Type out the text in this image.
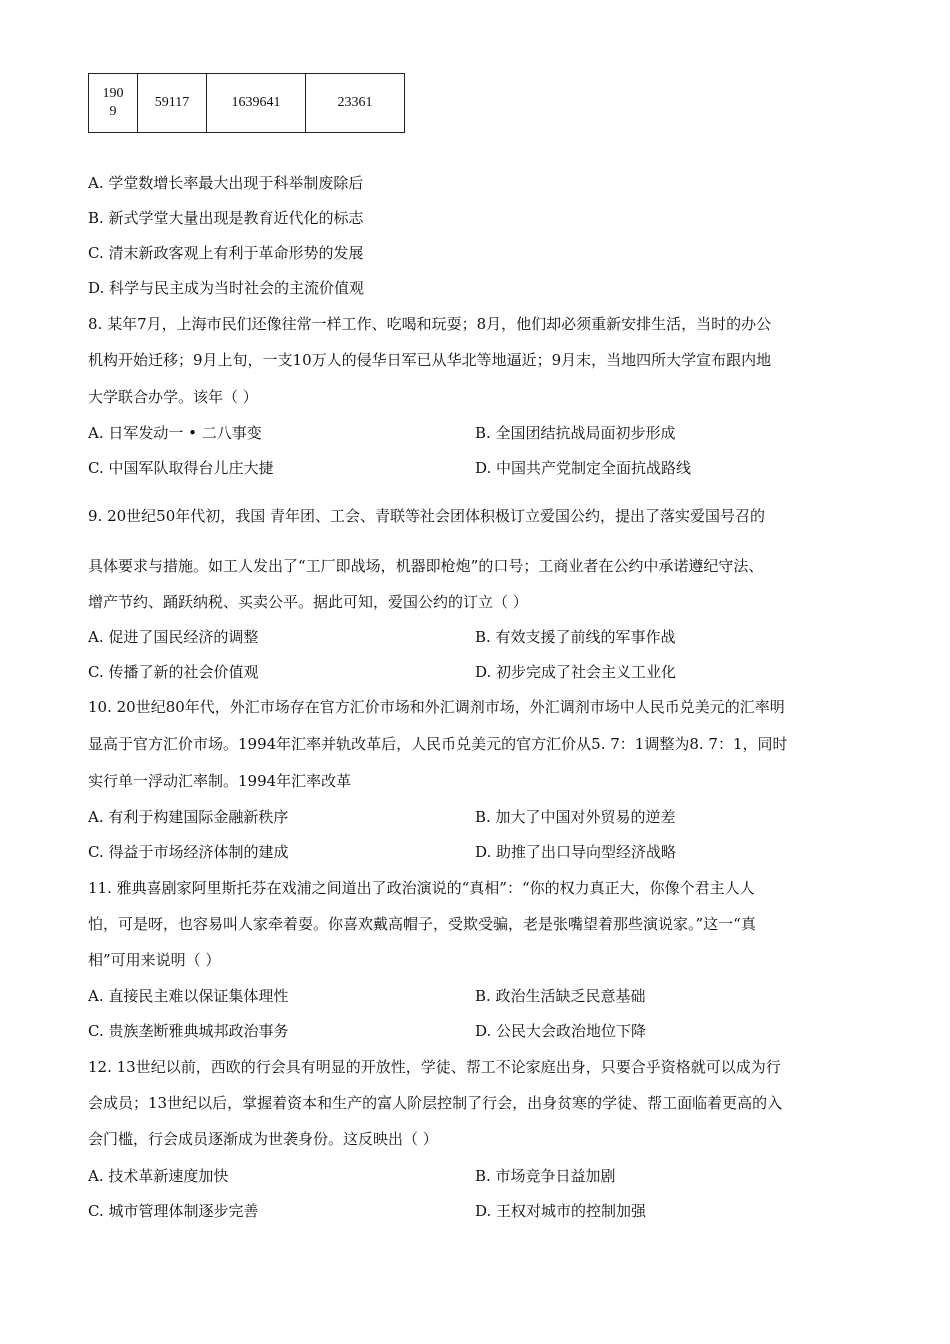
190
9
	59117	1639641	23361
A. 学堂数增长率最大出现于科举制废除后
B. 新式学堂大量出现是教育近代化的标志
C. 清末新政客观上有利于革命形势的发展
D. 科学与民主成为当时社会的主流价值观
8. 某年7月，上海市民们还像往常一样工作、吃喝和玩耍；8月，他们却必须重新安排生活，当时的办公
机构开始迁移；9月上旬，一支10万人的侵华日军已从华北等地逼近；9月末，当地四所大学宣布跟内地
大学联合办学。该年（ ）
A. 日军发动一 • 二八事变	B. 全国团结抗战局面初步形成
C. 中国军队取得台儿庄大捷	D. 中国共产党制定全面抗战路线
9. 20世纪50年代初，我国 青年团、工会、青联等社会团体积极订立爱国公约，提出了落实爱国号召的
具体要求与措施。如工人发出了“工厂即战场，机器即枪炮”的口号；工商业者在公约中承诺遵纪守法、
增产节约、踊跃纳税、买卖公平。据此可知，爱国公约的订立（ ）
A. 促进了国民经济的调整	B. 有效支援了前线的军事作战
C. 传播了新的社会价值观	D. 初步完成了社会主义工业化
10. 20世纪80年代，外汇市场存在官方汇价市场和外汇调剂市场，外汇调剂市场中人民币兑美元的汇率明
显高于官方汇价市场。1994年汇率并轨改革后，人民币兑美元的官方汇价从5. 7：1调整为8. 7：1，同时
实行单一浮动汇率制。1994年汇率改革
A. 有利于构建国际金融新秩序	B. 加大了中国对外贸易的逆差
C. 得益于市场经济体制的建成	D. 助推了出口导向型经济战略
11. 雅典喜剧家阿里斯托芬在戏浦之间道出了政治演说的“真相”：“你的权力真正大，你像个君主人人
怕，可是呀，也容易叫人家牵着耍。你喜欢戴高帽子，受欺受骗，老是张嘴望着那些演说家。”这一“真
相”可用来说明（ ）
A. 直接民主难以保证集体理性	B. 政治生活缺乏民意基础
C. 贵族垄断雅典城邦政治事务	D. 公民大会政治地位下降
12. 13世纪以前，西欧的行会具有明显的开放性，学徒、帮工不论家庭出身，只要合乎资格就可以成为行
会成员；13世纪以后，掌握着资本和生产的富人阶层控制了行会，出身贫寒的学徒、帮工面临着更高的入
会门槛，行会成员逐渐成为世袭身份。这反映出（ ）
A. 技术革新速度加快	B. 市场竞争日益加剧
C. 城市管理体制逐步完善	D. 王权对城市的控制加强
